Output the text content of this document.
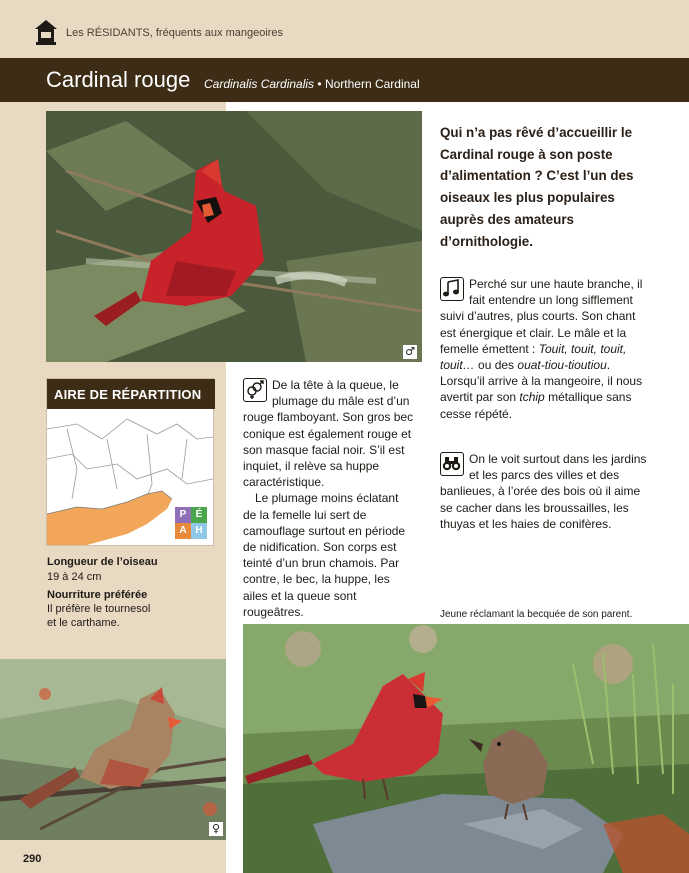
Les RÉSIDANTS, fréquents aux mangeoires
Cardinal rouge Cardinalis Cardinalis • Northern Cardinal
♂
AIRE DE RÉPARTITION
P É
A H
Longueur de l’oiseau
19 à 24 cm
Nourriture préférée
Il préfère le tournesol
et le carthame.
♀
De la tête à la queue, le plumage du mâle est d’un rouge flamboyant. Son gros bec conique est également rouge et son masque facial noir. S’il est inquiet, il relève sa huppe caractéristique.
Le plumage moins éclatant de la femelle lui sert de camouflage surtout en période de nidification. Son corps est teinté d’un brun chamois. Par contre, le bec, la huppe, les ailes et la queue sont rougeâtres.
Qui n’a pas rêvé d’accueillir le Cardinal rouge à son poste d’alimentation ? C’est l’un des oiseaux les plus populaires auprès des amateurs d’ornithologie.
Perché sur une haute branche, il fait entendre un long sifflement suivi d’autres, plus courts. Son chant est énergique et clair. Le mâle et la femelle émettent : Touit, touit, touit, touit… ou des ouat-tiou-tioutiou. Lorsqu’il arrive à la mangeoire, il nous avertit par son tchip métallique sans cesse répété.
On le voit surtout dans les jardins et les parcs des villes et des banlieues, à l’orée des bois où il aime se cacher dans les broussailles, les thuyas et les haies de conifères.
Jeune réclamant la becquée de son parent.
290
